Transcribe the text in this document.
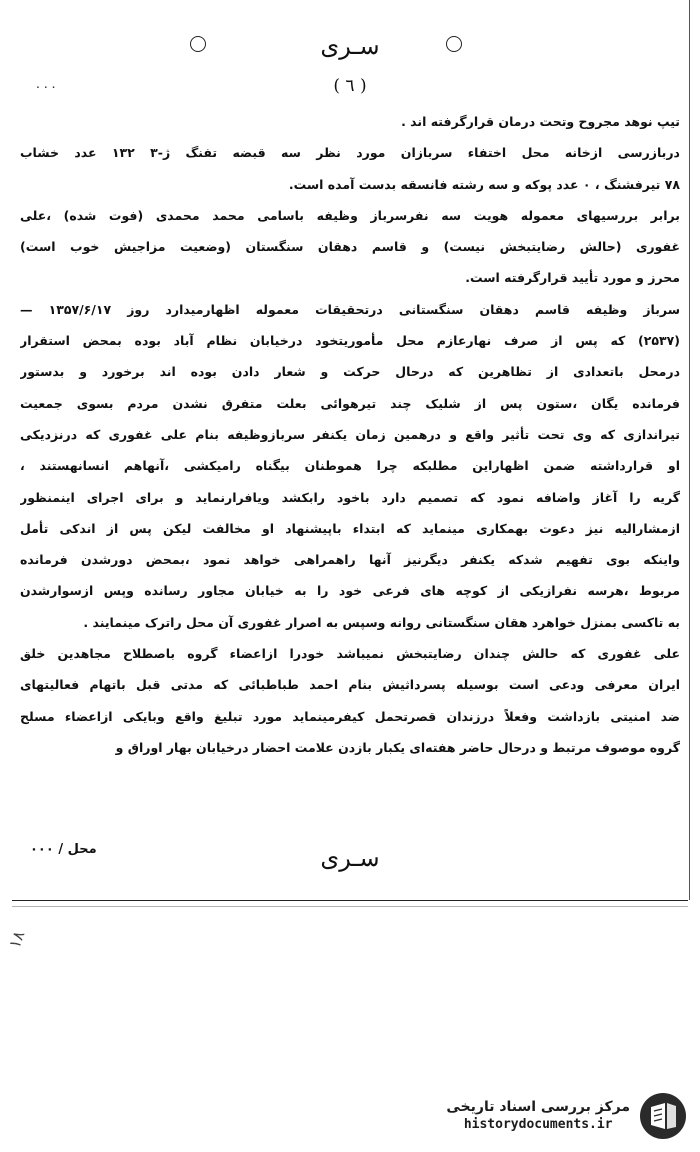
سـرى
۰۰۰	( ٦ )
تیپ نوهد مجروح وتحت درمان قرارگرفته اند .
دربازرسی ازخانه محل اختفاء سربازان مورد نظر سه قبضه تفنگ ژ-۳ ۱۳۲ عدد خشاب
۷۸ تیرفشنگ ، ۰ عدد پوکه و سه رشته فانسقه بدست آمده است.
برابر بررسیهای معموله هویت سه نفرسرباز وظیفه باسامی محمد محمدی (فوت شده) ،علی
غفوری (حالش رضایتبخش نیست) و قاسم دهقان سنگستان (وضعیت مزاجیش خوب است)
محرز و مورد تأیید قرارگرفته است.
سرباز وظیفه قاسم دهقان سنگستانی درتحقیقات معموله اظهارمیدارد روز ۱۳۵۷/۶/۱۷ —
(۲۵۳۷) که پس از صرف نهارعازم محل مأموریتخود درخیابان نظام آباد بوده بمحض استقرار
درمحل باتعدادی از تظاهرین که درحال حرکت و شعار دادن بوده اند برخورد و بدستور
فرمانده یگان ،ستون پس از شلیک چند تیرهوائی بعلت متفرق نشدن مردم بسوی جمعیت
تیراندازی که وی تحت تأثیر واقع و درهمین زمان یکنفر سربازوظیفه بنام علی غفوری که درنزدیکی
او قرارداشته ضمن اظهاراین مطلبکه چرا هموطنان بیگناه رامیکشی ،آنهاهم انسانهستند ،
گریه را آغاز واضافه نمود که تصمیم دارد باخود رابکشد ویافرارنماید و برای اجرای اینمنظور
ازمشارالیه نیز دعوت بهمکاری مینماید که ابتداء باپیشنهاد او مخالفت لیکن پس از اندکی تأمل
واینکه بوی تفهیم شدکه یکنفر دیگرنیز آنها راهمراهی خواهد نمود ،بمحض دورشدن فرمانده
مربوط ،هرسه نفرازیکی از کوچه های فرعی خود را به خیابان مجاور رسانده وپس ازسوارشدن
به تاکسی بمنزل خواهرد هقان سنگستانی روانه وسپس به اصرار غفوری آن محل راترک مینمایند .
علی غفوری که حالش چندان رضایتبخش نمیباشد خودرا ازاعضاء گروه باصطلاح مجاهدین خلق
ایران معرفی ودعی است بوسیله پسرداثیش بنام احمد طباطبائی که مدتی قبل باتهام فعالیتهای
ضد امنیتی بازداشت وفعلاً درزندان قصرتحمل کیفرمینماید مورد تبلیغ واقع وبایکی ازاعضاء مسلح
گروه موصوف مرتبط و درحال حاضر هفته‌ای یکبار بازدن علامت احضار درخیابان بهار اوراق و
محل / ۰۰۰	سـرى
۱۸
مرکز بررسی اسناد تاریخی
historydocuments.ir
